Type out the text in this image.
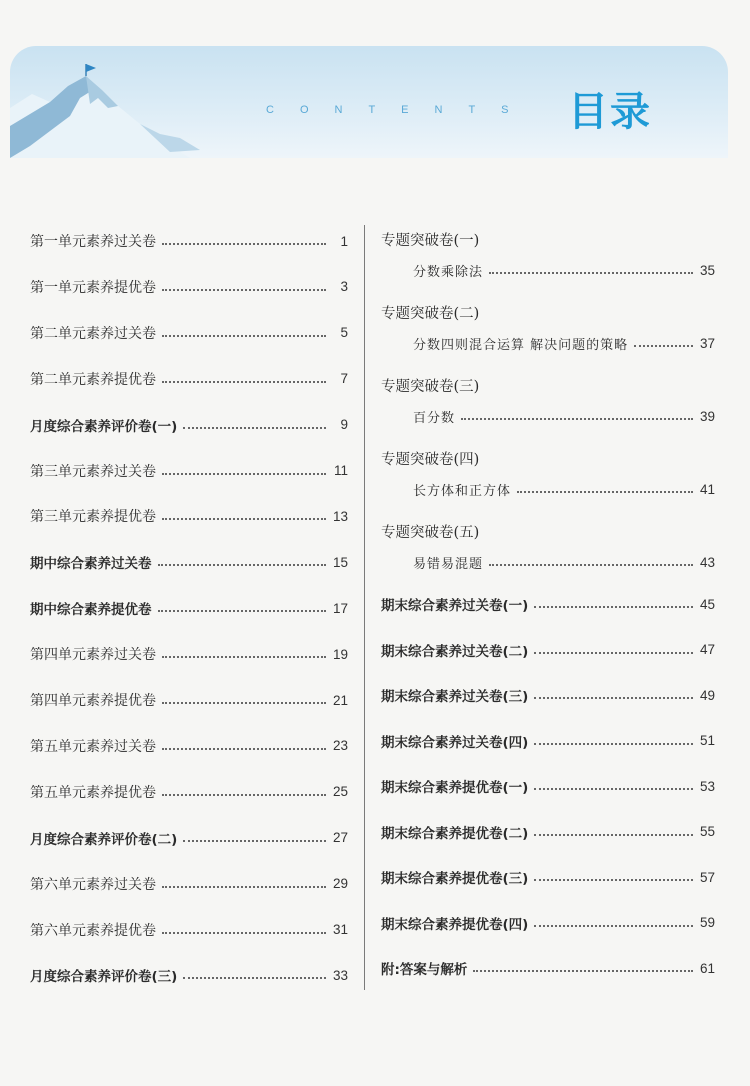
CONTENTS 目录
第一单元素养过关卷	1
第一单元素养提优卷	3
第二单元素养过关卷	5
第二单元素养提优卷	7
月度综合素养评价卷(一)	9
第三单元素养过关卷	11
第三单元素养提优卷	13
期中综合素养过关卷	15
期中综合素养提优卷	17
第四单元素养过关卷	19
第四单元素养提优卷	21
第五单元素养过关卷	23
第五单元素养提优卷	25
月度综合素养评价卷(二)	27
第六单元素养过关卷	29
第六单元素养提优卷	31
月度综合素养评价卷(三)	33
专题突破卷(一)
分数乘除法	35
专题突破卷(二)
分数四则混合运算 解决问题的策略	37
专题突破卷(三)
百分数	39
专题突破卷(四)
长方体和正方体	41
专题突破卷(五)
易错易混题	43
期末综合素养过关卷(一)	45
期末综合素养过关卷(二)	47
期末综合素养过关卷(三)	49
期末综合素养过关卷(四)	51
期末综合素养提优卷(一)	53
期末综合素养提优卷(二)	55
期末综合素养提优卷(三)	57
期末综合素养提优卷(四)	59
附:答案与解析	61
